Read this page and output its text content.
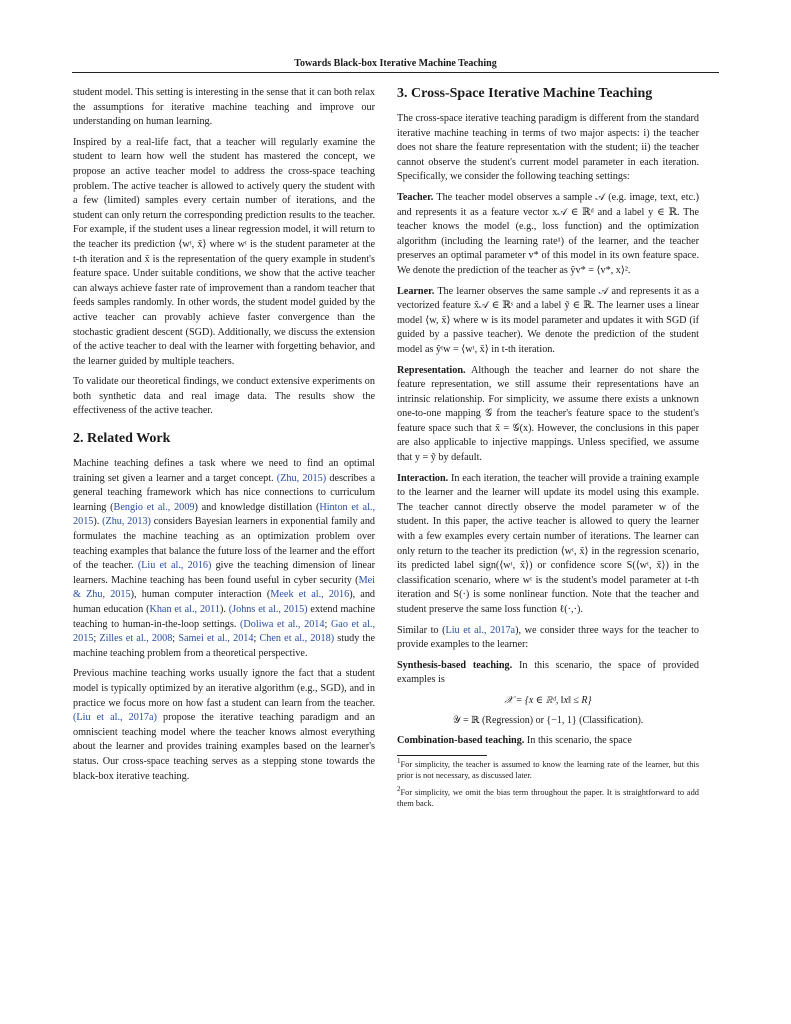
Towards Black-box Iterative Machine Teaching

student model. This setting is interesting in the sense that it can both relax the assumptions for iterative machine teaching and improve our understanding on human learning.

Inspired by a real-life fact, that a teacher will regularly examine the student to learn how well the student has mastered the concept, we propose an active teacher model to address the cross-space teaching problem. The active teacher is allowed to actively query the student with a few (limited) samples every certain number of iterations, and the student can only return the corresponding prediction results to the teacher. For example, if the student uses a linear regression model, it will return to the teacher its prediction ⟨wᵗ, x̃⟩ where wᵗ is the student parameter at the t-th iteration and x̃ is the representation of the query example in student's feature space. Under suitable conditions, we show that the active teacher can always achieve faster rate of improvement than a random teacher that feeds samples randomly. In other words, the student model guided by the active teacher can provably achieve faster convergence than the stochastic gradient descent (SGD). Additionally, we discuss the extension of the active teacher to deal with the learner with forgetting behavior, and the learner guided by multiple teachers.

To validate our theoretical findings, we conduct extensive experiments on both synthetic data and real image data. The results show the effectiveness of the active teacher.

2. Related Work

Machine teaching defines a task where we need to find an optimal training set given a learner and a target concept. (Zhu, 2015) describes a general teaching framework which has nice connections to curriculum learning (Bengio et al., 2009) and knowledge distillation (Hinton et al., 2015). (Zhu, 2013) considers Bayesian learners in exponential family and formulates the machine teaching as an optimization problem over teaching examples that balance the future loss of the learner and the effort of the teacher. (Liu et al., 2016) give the teaching dimension of linear learners. Machine teaching has been found useful in cyber security (Mei & Zhu, 2015), human computer interaction (Meek et al., 2016), and human education (Khan et al., 2011). (Johns et al., 2015) extend machine teaching to human-in-the-loop settings. (Doliwa et al., 2014; Gao et al., 2015; Zilles et al., 2008; Samei et al., 2014; Chen et al., 2018) study the machine teaching problem from a theoretical perspective.

Previous machine teaching works usually ignore the fact that a student model is typically optimized by an iterative algorithm (e.g., SGD), and in practice we focus more on how fast a student can learn from the teacher. (Liu et al., 2017a) propose the iterative teaching paradigm and an omniscient teaching model where the teacher knows almost everything about the learner and provides training examples based on the learner's status. Our cross-space teaching serves as a stepping stone towards the black-box iterative teaching.

3. Cross-Space Iterative Machine Teaching

The cross-space iterative teaching paradigm is different from the standard iterative machine teaching in terms of two major aspects: i) the teacher does not share the feature representation with the student; ii) the teacher cannot observe the student's current model parameter in each iteration. Specifically, we consider the following teaching settings:

Teacher. The teacher model observes a sample 𝒜 (e.g. image, text, etc.) and represents it as a feature vector x𝒜 ∈ ℝᵈ and a label y ∈ ℝ. The teacher knows the model (e.g., loss function) and the optimization algorithm (including the learning rate¹) of the learner, and the teacher preserves an optimal parameter v* of this model in its own feature space. We denote the prediction of the teacher as ŷv* = ⟨v*, x⟩².

Learner. The learner observes the same sample 𝒜 and represents it as a vectorized feature x̃𝒜 ∈ ℝˢ and a label ỹ ∈ ℝ. The learner uses a linear model ⟨w, x̃⟩ where w is its model parameter and updates it with SGD (if guided by a passive teacher). We denote the prediction of the student model as ŷᵗw = ⟨wᵗ, x̃⟩ in t-th iteration.

Representation. Although the teacher and learner do not share the feature representation, we still assume their representations have an intrinsic relationship. For simplicity, we assume there exists a unknown one-to-one mapping 𝒢 from the teacher's feature space to the student's feature space such that x̃ = 𝒢(x). However, the conclusions in this paper are also applicable to injective mappings. Unless specified, we assume that y = ỹ by default.

Interaction. In each iteration, the teacher will provide a training example to the learner and the learner will update its model using this example. The teacher cannot directly observe the model parameter w of the student. In this paper, the active teacher is allowed to query the learner with a few examples every certain number of iterations. The learner can only return to the teacher its prediction ⟨wᵗ, x̃⟩ in the regression scenario, its predicted label sign(⟨wᵗ, x̃⟩) or confidence score S(⟨wᵗ, x̃⟩) in the classification scenario, where wᵗ is the student's model parameter at t-th iteration and S(·) is some nonlinear function. Note that the teacher and student preserve the same loss function ℓ(·,·).

Similar to (Liu et al., 2017a), we consider three ways for the teacher to provide examples to the learner:

Synthesis-based teaching. In this scenario, the space of provided examples is

𝒳 = {x ∈ ℝᵈ, ‖x‖ ≤ R}
𝒴 = ℝ (Regression) or {−1, 1} (Classification).

Combination-based teaching. In this scenario, the space

$^1$For simplicity, the teacher is assumed to know the learning rate of the learner, but this prior is not necessary, as discussed later.

$^2$For simplicity, we omit the bias term throughout the paper. It is straightforward to add them back.
